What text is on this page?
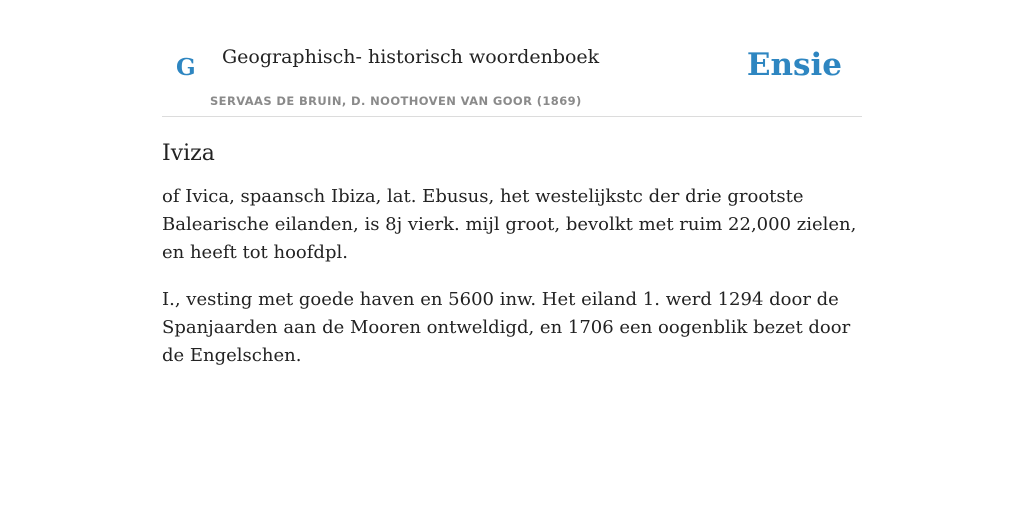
G Geographisch- historisch woordenboek
SERVAAS DE BRUIN, D. NOOTHOVEN VAN GOOR (1869)
Ensie
Iviza

of Ivica, spaansch Ibiza, lat. Ebusus, het westelijkstc der drie grootste Balearische eilanden, is 8j vierk. mijl groot, bevolkt met ruim 22,000 zielen, en heeft tot hoofdpl.

I., vesting met goede haven en 5600 inw. Het eiland 1. werd 1294 door de Spanjaarden aan de Mooren ontweldigd, en 1706 een oogenblik bezet door de Engelschen.
